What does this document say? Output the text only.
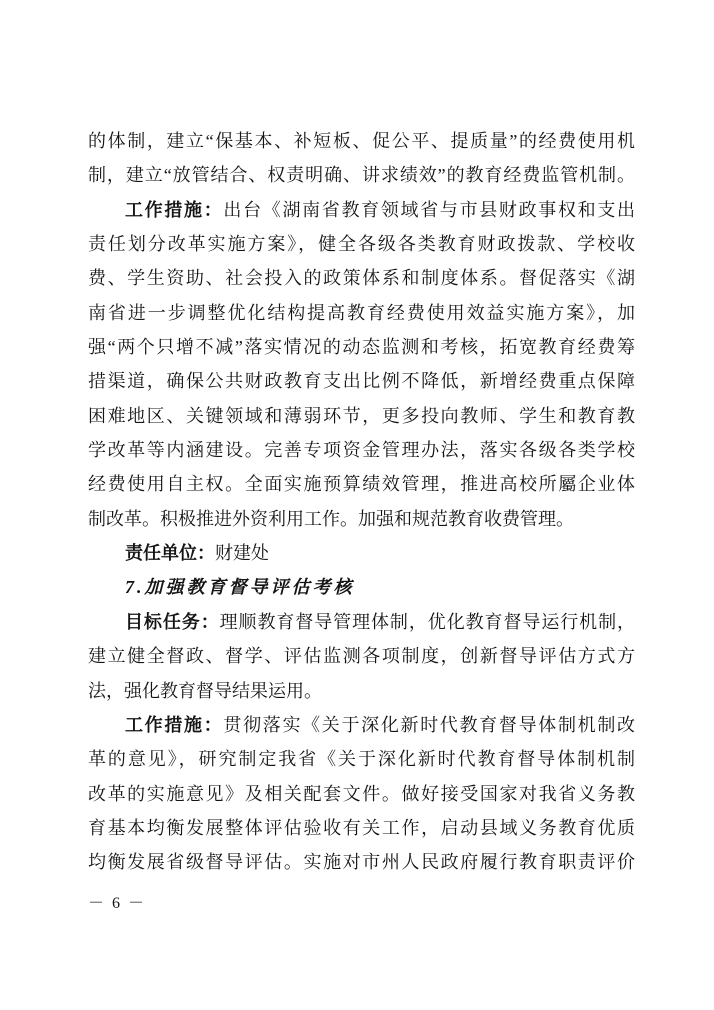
的体制，建立“保基本、补短板、促公平、提质量”的经费使用机
制，建立“放管结合、权责明确、讲求绩效”的教育经费监管机制。
工作措施：出台《湖南省教育领域省与市县财政事权和支出
责任划分改革实施方案》，健全各级各类教育财政拨款、学校收
费、学生资助、社会投入的政策体系和制度体系。督促落实《湖
南省进一步调整优化结构提高教育经费使用效益实施方案》，加
强“两个只增不减”落实情况的动态监测和考核，拓宽教育经费筹
措渠道，确保公共财政教育支出比例不降低，新增经费重点保障
困难地区、关键领域和薄弱环节，更多投向教师、学生和教育教
学改革等内涵建设。完善专项资金管理办法，落实各级各类学校
经费使用自主权。全面实施预算绩效管理，推进高校所屬企业体
制改革。积极推进外资利用工作。加强和规范教育收费管理。
责任单位：财建处
7.加强教育督导评估考核
目标任务：理顺教育督导管理体制，优化教育督导运行机制，
建立健全督政、督学、评估监测各项制度，创新督导评估方式方
法，强化教育督导结果运用。
工作措施：贯彻落实《关于深化新时代教育督导体制机制改
革的意见》，研究制定我省《关于深化新时代教育督导体制机制
改革的实施意见》及相关配套文件。做好接受国家对我省义务教
育基本均衡发展整体评估验收有关工作，启动县域义务教育优质
均衡发展省级督导评估。实施对市州人民政府履行教育职责评价
－ 6 －
